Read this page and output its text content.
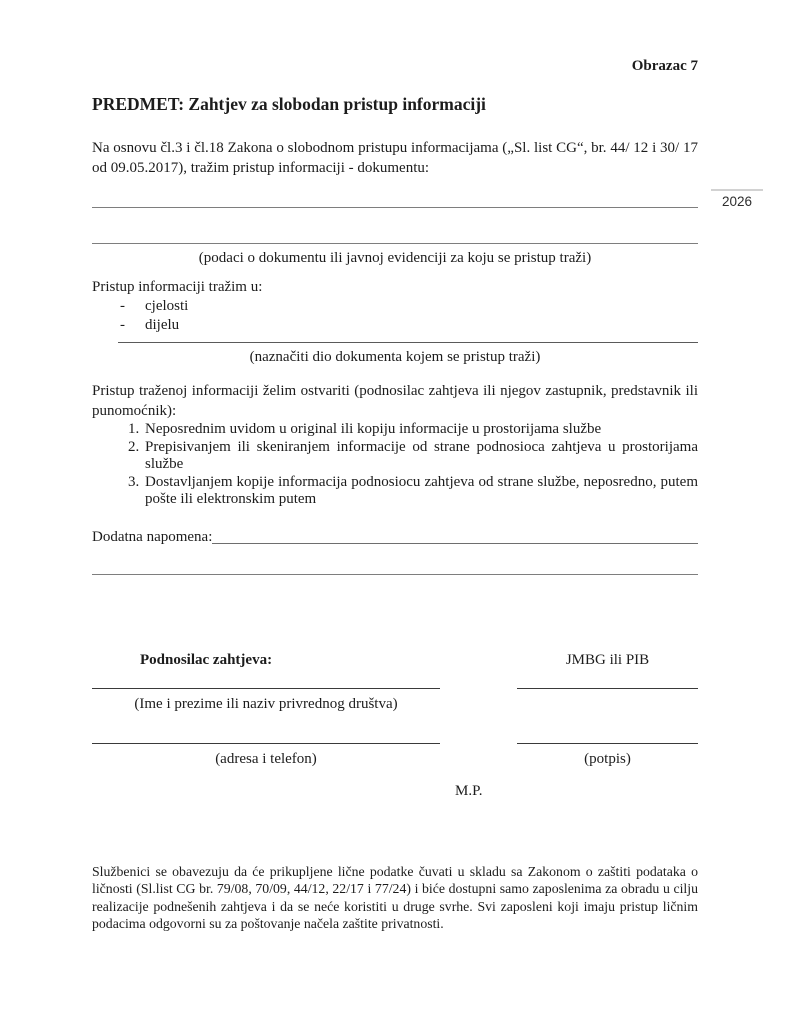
2026
Obrazac 7
PREDMET: Zahtjev za slobodan pristup informaciji

Na osnovu čl.3 i čl.18 Zakona o slobodnom pristupu informacijama („Sl. list CG“, br. 44/ 12 i 30/ 17 od 09.05.2017), tražim pristup informaciji - dokumentu:

(podaci o dokumentu ili javnoj evidenciji za koju se pristup traži)
Pristup informaciji tražim u:
- cjelosti
- dijelu
(naznačiti dio dokumenta kojem se pristup traži)

Pristup traženoj informaciji želim ostvariti (podnosilac zahtjeva ili njegov zastupnik, predstavnik ili punomoćnik):

1. Neposrednim uvidom u original ili kopiju informacije u prostorijama službe
2. Prepisivanjem ili skeniranjem informacije od strane podnosioca zahtjeva u prostorijama službe
3. Dostavljanjem kopije informacija podnosiocu zahtjeva od strane službe, neposredno, putem pošte ili elektronskim putem
Dodatna napomena:
Podnosilac zahtjeva:	JMBG ili PIB
(Ime i prezime ili naziv privrednog društva)
(adresa i telefon)	(potpis)
M.P.

Službenici se obavezuju da će prikupljene lične podatke čuvati u skladu sa Zakonom o zaštiti podataka o ličnosti (Sl.list CG br. 79/08, 70/09, 44/12, 22/17 i 77/24) i biće dostupni samo zaposlenima za obradu u cilju realizacije podnešenih zahtjeva i da se neće koristiti u druge svrhe. Svi zaposleni koji imaju pristup ličnim podacima odgovorni su za poštovanje načela zaštite privatnosti.
